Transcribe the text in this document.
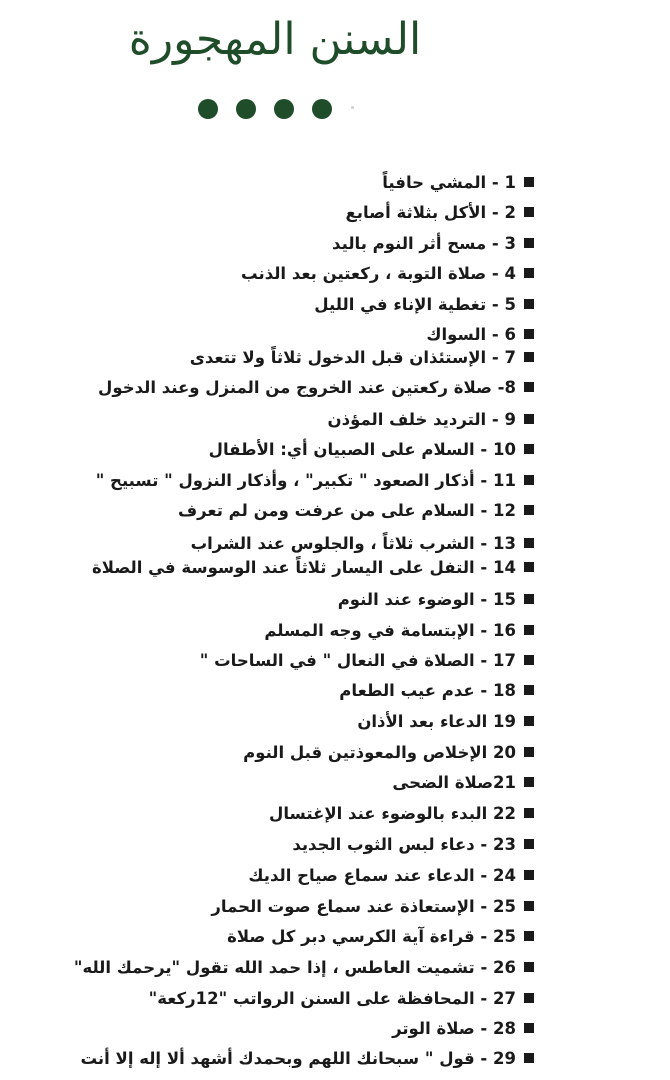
السنن المهجورة
1 - المشي حافياً
2 - الأكل بثلاثة أصابع
3 - مسح أثر النوم باليد
4 - صلاة التوبة ، ركعتين بعد الذنب
5 - تغطية الإناء في الليل
6 - السواك
7 - الإستئذان قبل الدخول ثلاثاً ولا تتعدى
8- صلاة ركعتين عند الخروج من المنزل وعند الدخول
9 - الترديد خلف المؤذن
10 - السلام على الصبيان أي: الأطفال
11 - أذكار الصعود " تكبير" ، وأذكار النزول " تسبيح "
12 - السلام على من عرفت ومن لم تعرف
13 - الشرب ثلاثاً ، والجلوس عند الشراب
14 - التفل على اليسار ثلاثاً عند الوسوسة في الصلاة
15 - الوضوء عند النوم
16 - الإبتسامة في وجه المسلم
17 - الصلاة في النعال " في الساحات "
18 - عدم عيب الطعام
19 الدعاء بعد الأذان
20 الإخلاص والمعوذتين قبل النوم
21صلاة الضحى
22 البدء بالوضوء عند الإغتسال
23 - دعاء لبس الثوب الجديد
24 - الدعاء عند سماع صياح الديك
25 - الإستعاذة عند سماع صوت الحمار
25 - قراءة آية الكرسي دبر كل صلاة
26 - تشميت العاطس ، إذا حمد الله تقول "يرحمك الله"
27 - المحافظة على السنن الرواتب "12ركعة"
28 - صلاة الوتر
29 - قول " سبحانك اللهم وبحمدك أشهد ألا إله إلا أنت
